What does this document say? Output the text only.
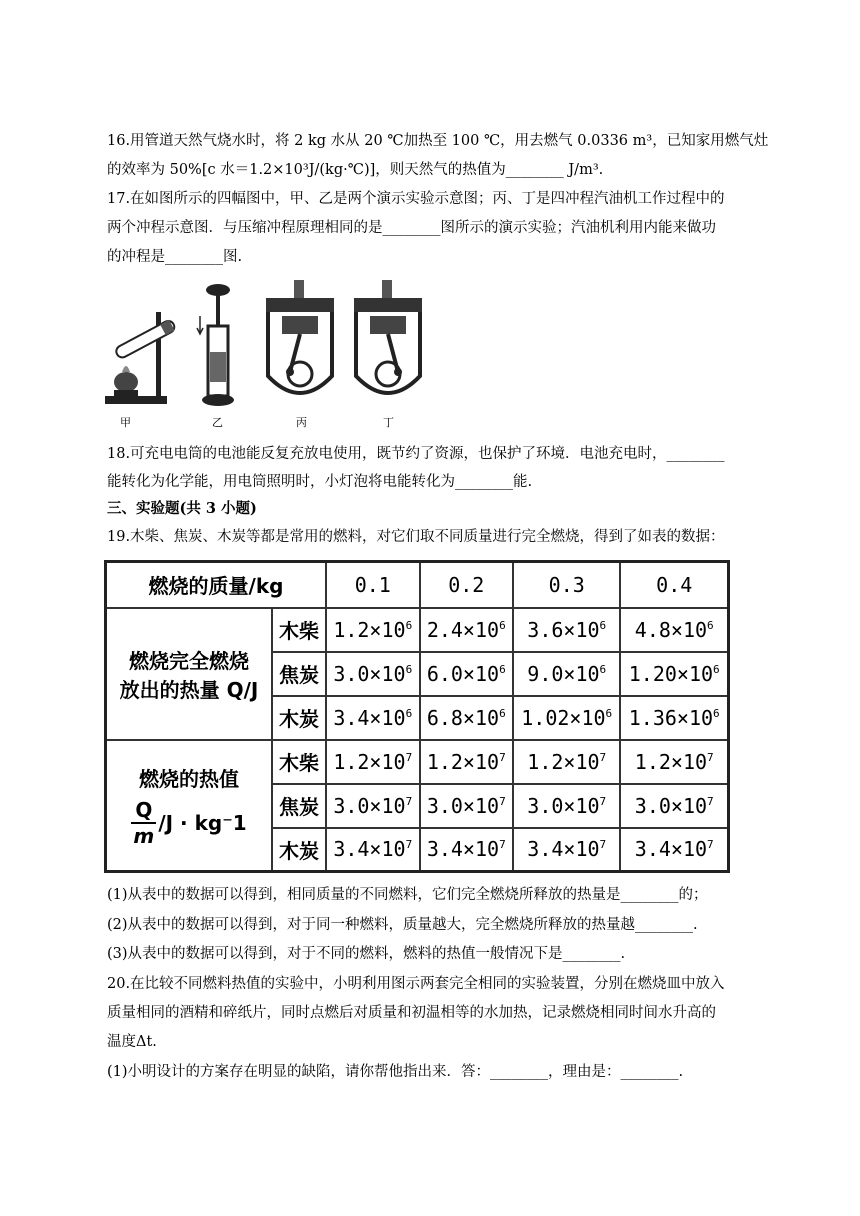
16.用管道天然气烧水时，将 2 kg 水从 20 ℃加热至 100 ℃，用去燃气 0.0336 m³，已知家用燃气灶
的效率为 50%[c 水＝1.2×10³J/(kg·℃)]，则天然气的热值为________ J/m³.
17.在如图所示的四幅图中，甲、乙是两个演示实验示意图；丙、丁是四冲程汽油机工作过程中的
两个冲程示意图．与压缩冲程原理相同的是________图所示的演示实验；汽油机利用内能来做功
的冲程是________图.
甲	乙	丙	丁
18.可充电电筒的电池能反复充放电使用，既节约了资源，也保护了环境．电池充电时，________
能转化为化学能，用电筒照明时，小灯泡将电能转化为________能.
三、实验题(共 3 小题)
19.木柴、焦炭、木炭等都是常用的燃料，对它们取不同质量进行完全燃烧，得到了如表的数据：
燃烧的质量/kg		0.1	0.2	0.3	0.4

燃烧完全燃烧
放出的热量 Q/J	木柴	$1.2\times 10^6$	$2.4\times 10^6$	$3.6\times 10^6$	$4.8\times 10^6$
	焦炭	$3.0\times 10^6$	$6.0\times 10^6$	$9.0\times 10^6$	$1.20\times 10^6$
	木炭	$3.4\times 10^6$	$6.8\times 10^6$	$1.02\times 10^6$	$1.36\times 10^6$

燃烧的热值
Q
m
/J · kg⁻1	木柴	$1.2\times 10^7$	$1.2\times 10^7$	$1.2\times 10^7$	$1.2\times 10^7$
	焦炭	$3.0\times 10^7$	$3.0\times 10^7$	$3.0\times 10^7$	$3.0\times 10^7$
	木炭	$3.4\times 10^7$	$3.4\times 10^7$	$3.4\times 10^7$	$3.4\times 10^7$
(1)从表中的数据可以得到，相同质量的不同燃料，它们完全燃烧所释放的热量是________的；
(2)从表中的数据可以得到，对于同一种燃料，质量越大，完全燃烧所释放的热量越________.
(3)从表中的数据可以得到，对于不同的燃料，燃料的热值一般情况下是________.
20.在比较不同燃料热值的实验中，小明利用图示两套完全相同的实验装置，分别在燃烧皿中放入
质量相同的酒精和碎纸片，同时点燃后对质量和初温相等的水加热，记录燃烧相同时间水升高的
温度Δt.
(1)小明设计的方案存在明显的缺陷，请你帮他指出来．答：________，理由是：________.
